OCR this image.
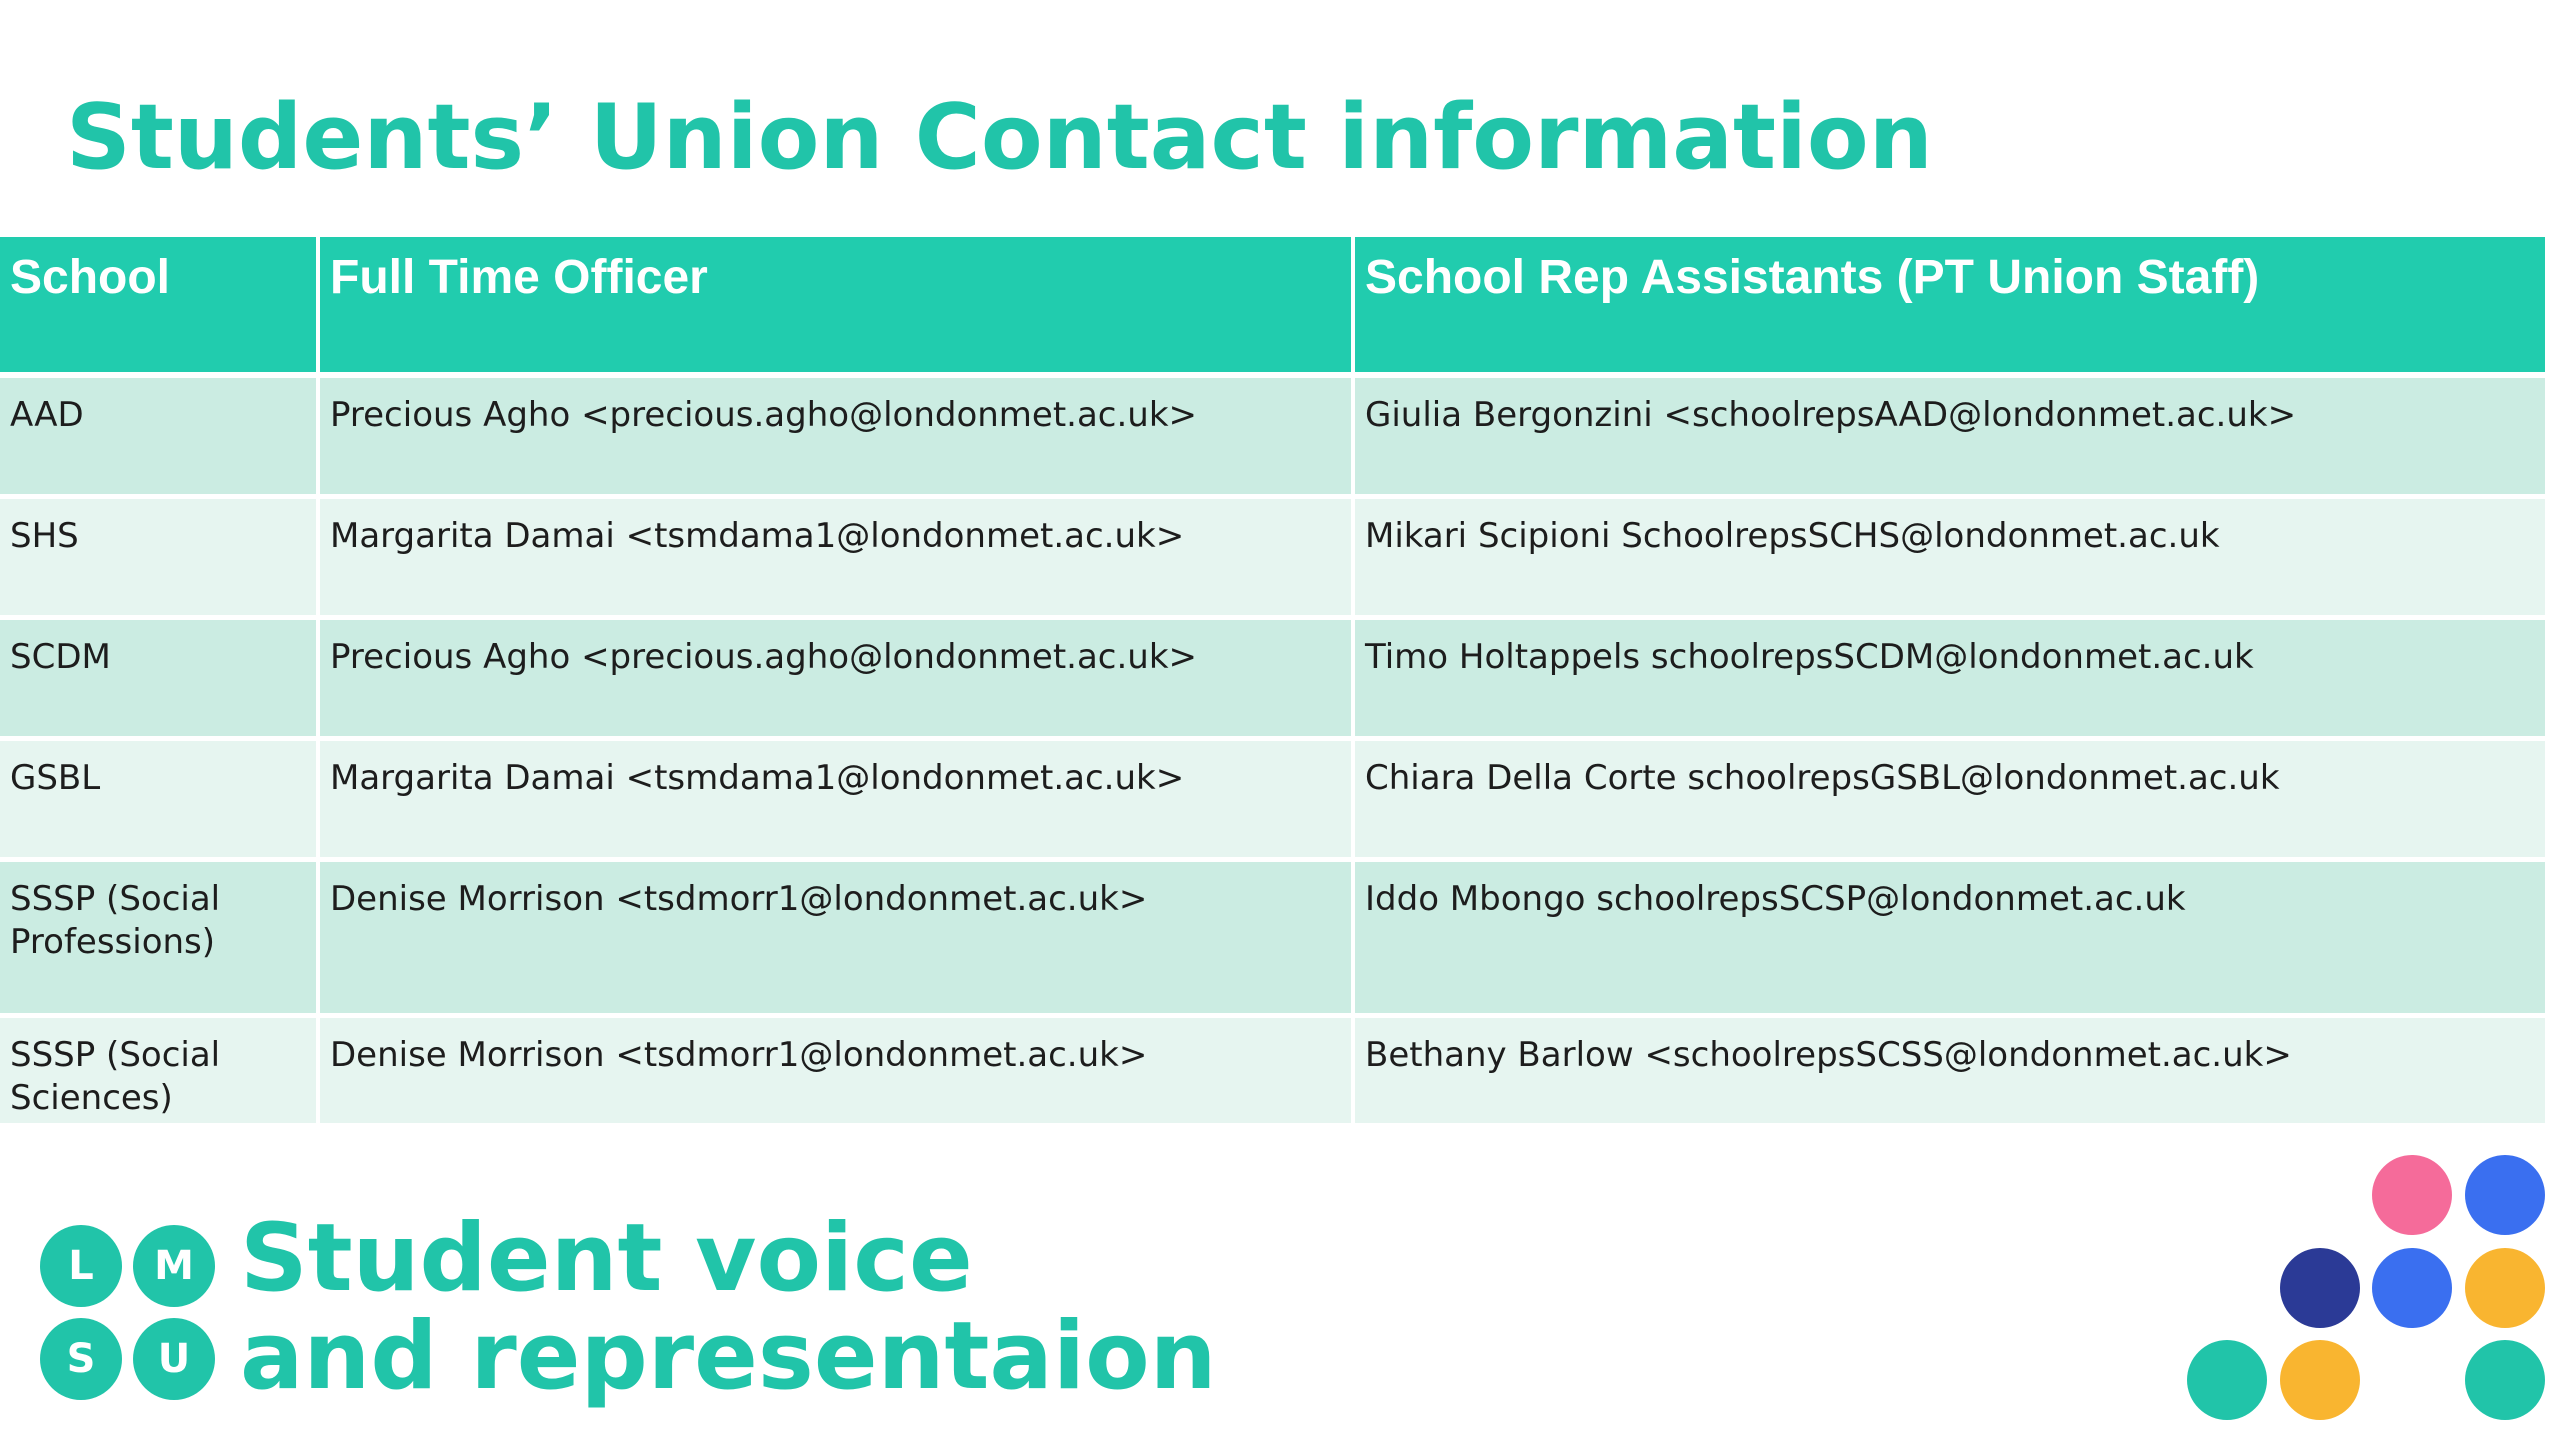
Students’ Union Contact information
School	Full Time Officer	School Rep Assistants (PT Union Staff)
AAD	Precious Agho <precious.agho@londonmet.ac.uk>	Giulia Bergonzini <schoolrepsAAD@londonmet.ac.uk>
SHS	Margarita Damai <tsmdama1@londonmet.ac.uk>	Mikari Scipioni SchoolrepsSCHS@londonmet.ac.uk
SCDM	Precious Agho <precious.agho@londonmet.ac.uk>	Timo Holtappels schoolrepsSCDM@londonmet.ac.uk
GSBL	Margarita Damai <tsmdama1@londonmet.ac.uk>	Chiara Della Corte schoolrepsGSBL@londonmet.ac.uk
SSSP (Social Professions)	Denise Morrison <tsdmorr1@londonmet.ac.uk>	Iddo Mbongo schoolrepsSCSP@londonmet.ac.uk
SSSP (Social Sciences)	Denise Morrison <tsdmorr1@londonmet.ac.uk>	Bethany Barlow <schoolrepsSCSS@londonmet.ac.uk>
L	M
S	U
Student voice
and representaion
